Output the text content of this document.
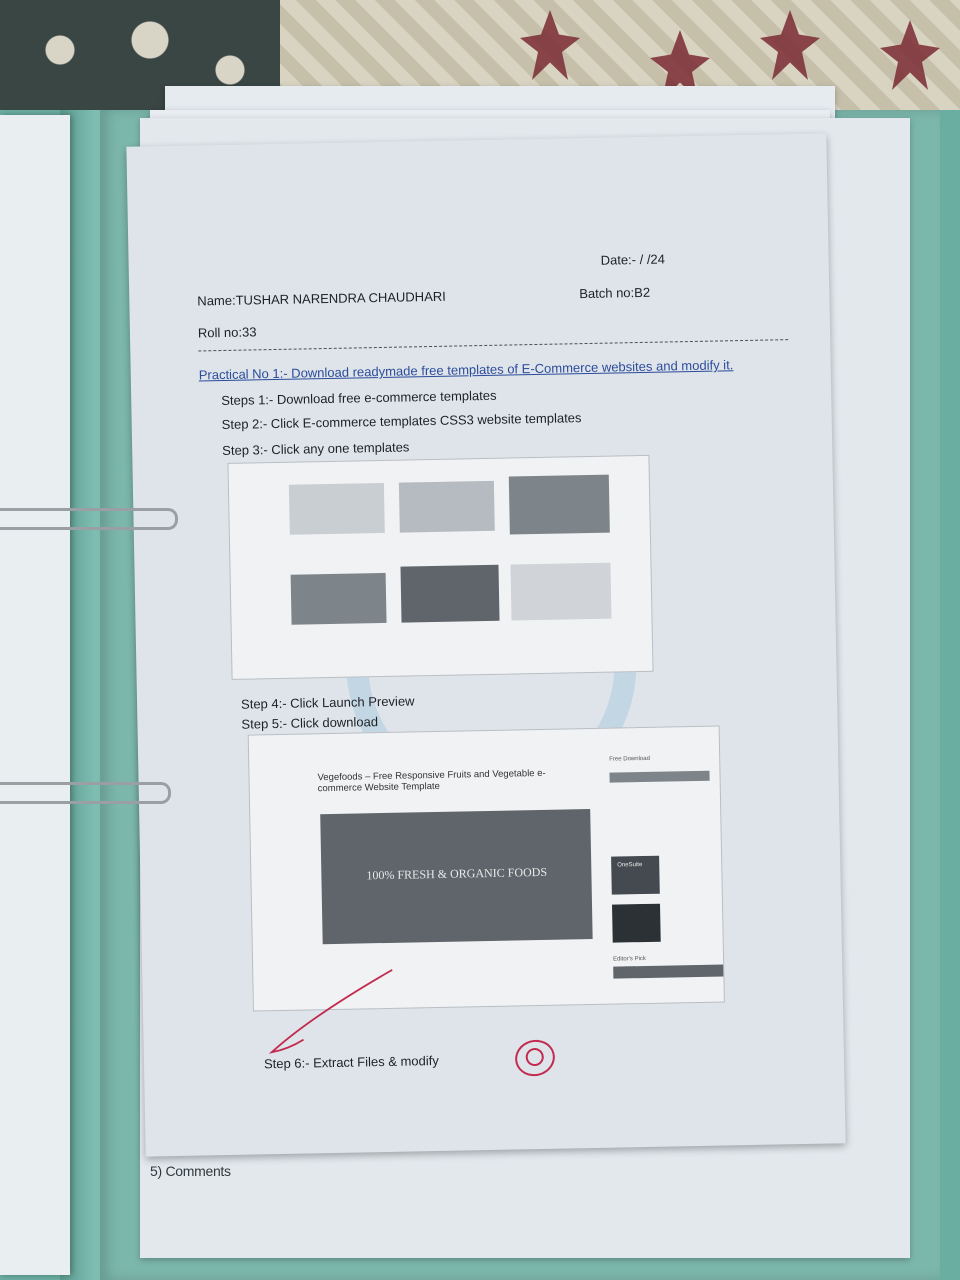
Name:TUSHAR NARENDRA CHAUDHARI
Date:- / /24
Batch no:B2
Roll no:33
Practical No 1:- Download readymade free templates of E-Commerce websites and modify it.
Steps 1:- Download free e-commerce templates
Step 2:- Click E-commerce templates CSS3 website templates
Step 3:- Click any one templates
Step 4:- Click Launch Preview
Step 5:- Click download
Vegefoods – Free Responsive Fruits and Vegetable e-commerce Website Template
100% FRESH & ORGANIC FOODS
Free Download
OneSuite
Editor's Pick
Step 6:- Extract Files & modify
5) Comments
